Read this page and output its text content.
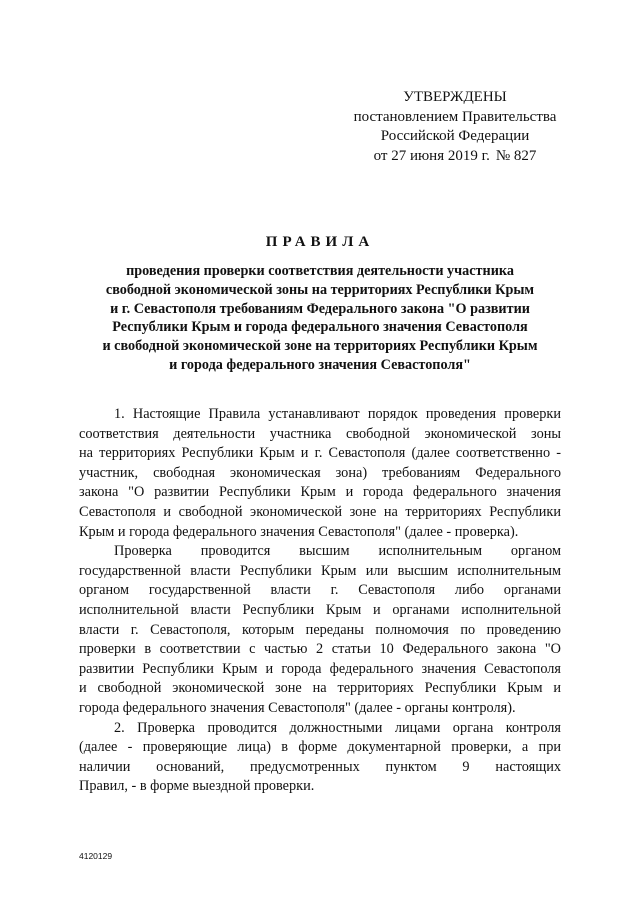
УТВЕРЖДЕНЫ
постановлением Правительства
Российской Федерации
от 27 июня 2019 г. № 827
ПРАВИЛА
проведения проверки соответствия деятельности участника
свободной экономической зоны на территориях Республики Крым
и г. Севастополя требованиям Федерального закона "О развитии
Республики Крым и города федерального значения Севастополя
и свободной экономической зоне на территориях Республики Крым
и города федерального значения Севастополя"
1. Настоящие Правила устанавливают порядок проведения проверки
соответствия деятельности участника свободной экономической зоны
на территориях Республики Крым и г. Севастополя (далее соответственно -
участник, свободная экономическая зона) требованиям Федерального
закона "О развитии Республики Крым и города федерального значения
Севастополя и свободной экономической зоне на территориях Республики
Крым и города федерального значения Севастополя" (далее - проверка).
Проверка проводится высшим исполнительным органом
государственной власти Республики Крым или высшим исполнительным
органом государственной власти г. Севастополя либо органами
исполнительной власти Республики Крым и органами исполнительной
власти г. Севастополя, которым переданы полномочия по проведению
проверки в соответствии с частью 2 статьи 10 Федерального закона "О
развитии Республики Крым и города федерального значения Севастополя
и свободной экономической зоне на территориях Республики Крым и
города федерального значения Севастополя" (далее - органы контроля).
2. Проверка проводится должностными лицами органа контроля
(далее - проверяющие лица) в форме документарной проверки, а при
наличии оснований, предусмотренных пунктом 9 настоящих
Правил, - в форме выездной проверки.
4120129
